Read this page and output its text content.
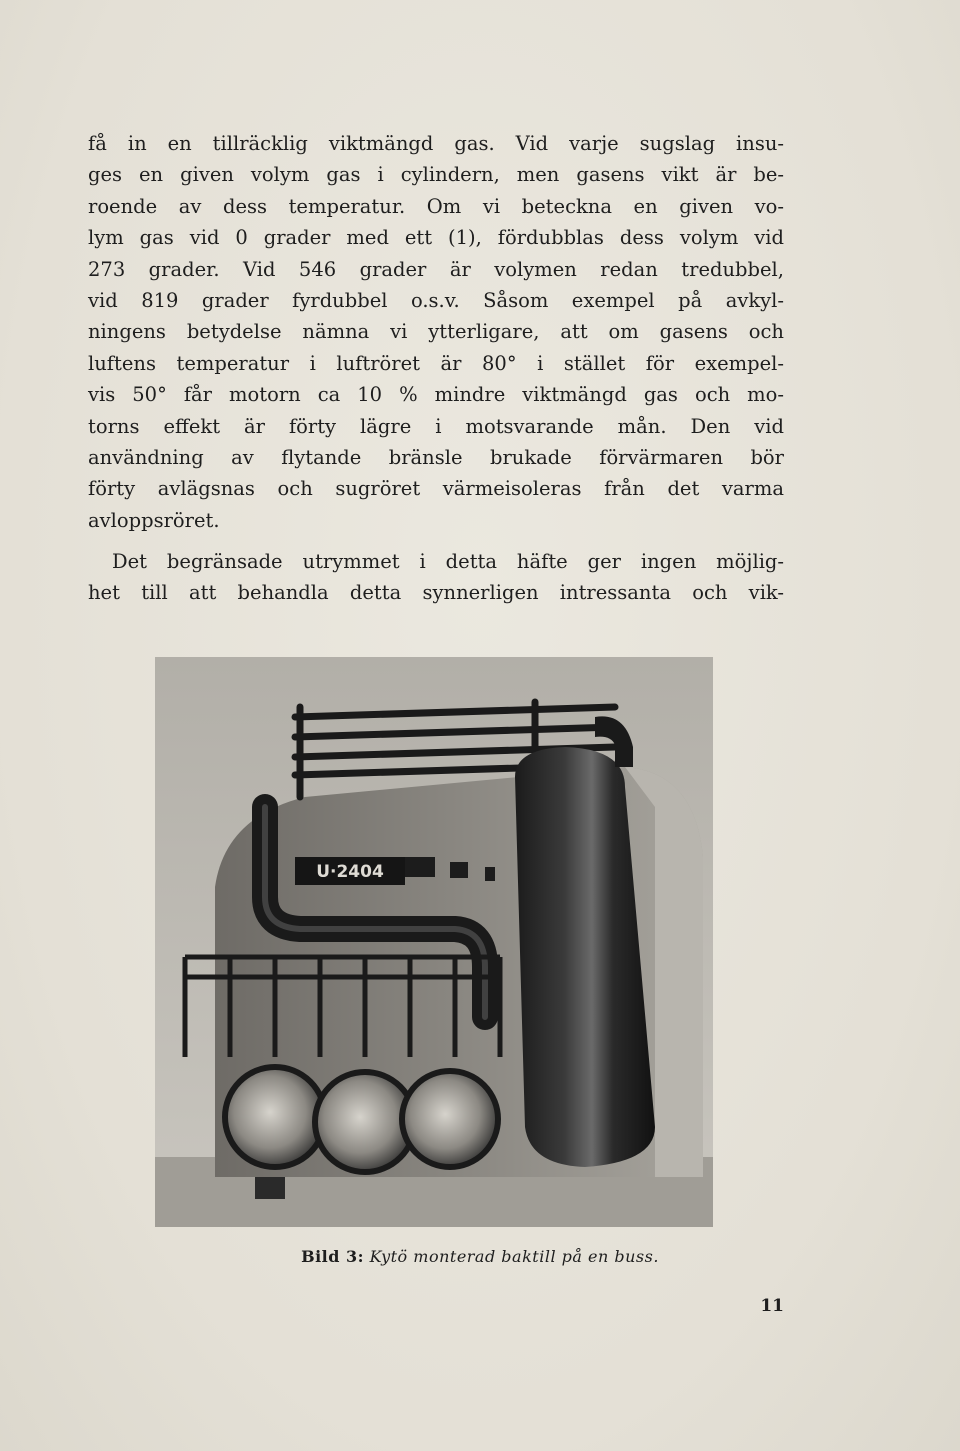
få in en tillräcklig viktmängd gas. Vid varje sugslag insu-
ges en given volym gas i cylindern, men gasens vikt är be-
roende av dess temperatur. Om vi beteckna en given vo-
lym gas vid 0 grader med ett (1), fördubblas dess volym vid
273 grader. Vid 546 grader är volymen redan tredubbel,
vid 819 grader fyrdubbel o.s.v. Såsom exempel på avkyl-
ningens betydelse nämna vi ytterligare, att om gasens och
luftens temperatur i luftröret är 80° i stället för exempel-
vis 50° får motorn ca 10 % mindre viktmängd gas och mo-
torns effekt är förty lägre i motsvarande mån. Den vid
användning av flytande bränsle brukade förvärmaren bör
förty avlägsnas och sugröret värmeisoleras från det varma
avloppsröret.
Det begränsade utrymmet i detta häfte ger ingen möjlig-
het till att behandla detta synnerligen intressanta och vik-
U·2404
Bild 3: Kytö monterad baktill på en buss.
11
